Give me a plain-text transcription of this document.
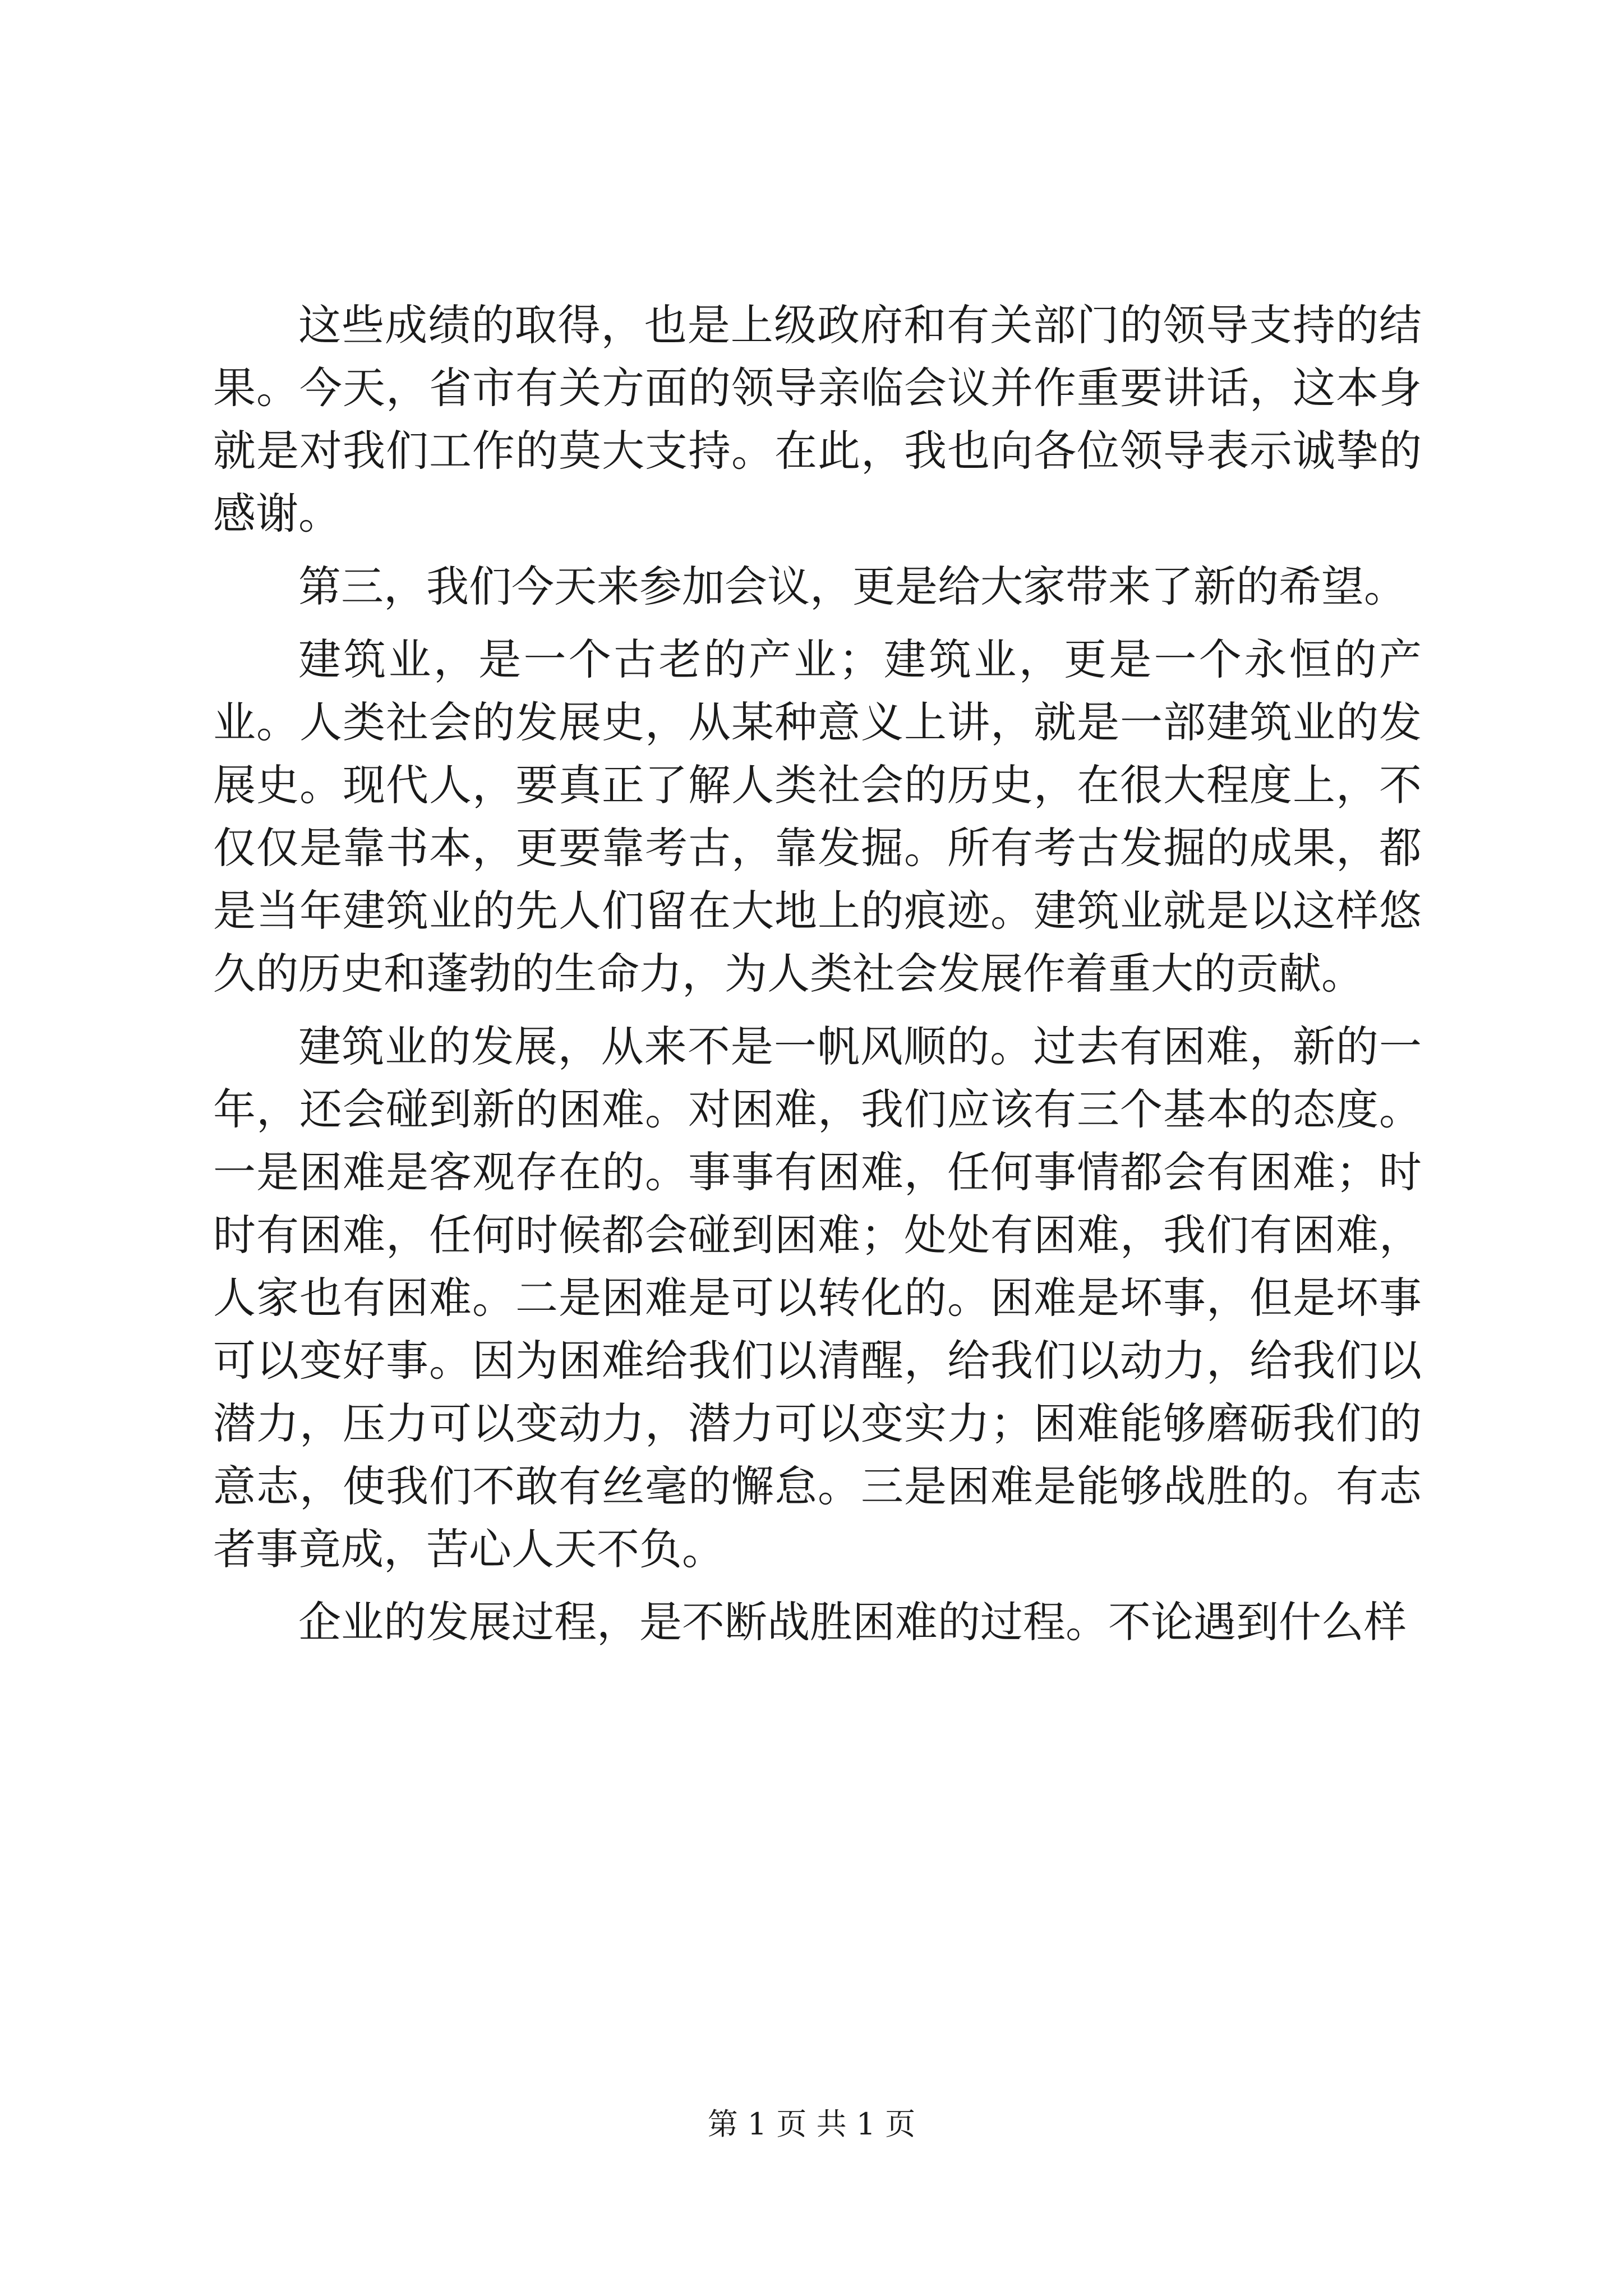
这些成绩的取得，也是上级政府和有关部门的领导支持的结果。今天，省市有关方面的领导亲临会议并作重要讲话，这本身就是对我们工作的莫大支持。在此，我也向各位领导表示诚挚的感谢。

第三，我们今天来参加会议，更是给大家带来了新的希望。

建筑业，是一个古老的产业；建筑业，更是一个永恒的产业。人类社会的发展史，从某种意义上讲，就是一部建筑业的发展史。现代人，要真正了解人类社会的历史，在很大程度上，不仅仅是靠书本，更要靠考古，靠发掘。所有考古发掘的成果，都是当年建筑业的先人们留在大地上的痕迹。建筑业就是以这样悠久的历史和蓬勃的生命力，为人类社会发展作着重大的贡献。

建筑业的发展，从来不是一帆风顺的。过去有困难，新的一年，还会碰到新的困难。对困难，我们应该有三个基本的态度。一是困难是客观存在的。事事有困难，任何事情都会有困难；时时有困难，任何时候都会碰到困难；处处有困难，我们有困难，人家也有困难。二是困难是可以转化的。困难是坏事，但是坏事可以变好事。因为困难给我们以清醒，给我们以动力，给我们以潜力，压力可以变动力，潜力可以变实力；困难能够磨砺我们的意志，使我们不敢有丝毫的懈怠。三是困难是能够战胜的。有志者事竟成，苦心人天不负。

企业的发展过程，是不断战胜困难的过程。不论遇到什么样

第 1 页 共 1 页
